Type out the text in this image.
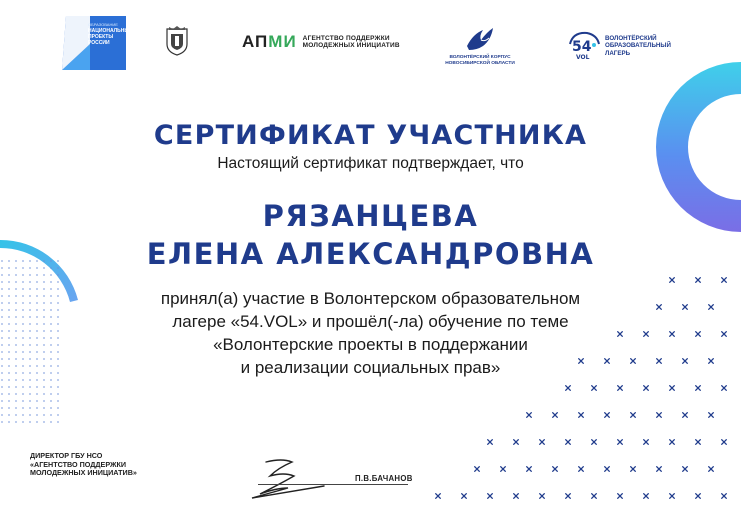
ОБРАЗОВАНИЕ
НАЦИОНАЛЬНЫЕ
ПРОЕКТЫ
РОССИИ	АП МИ АГЕНТСТВО ПОДДЕРЖКИ
МОЛОДЕЖНЫХ ИНИЦИАТИВ
ВОЛОНТЁРСКИЙ КОРПУС
НОВОСИБИРСКОЙ ОБЛАСТИ
54
VOL
ВОЛОНТЁРСКИЙ
ОБРАЗОВАТЕЛЬНЫЙ
ЛАГЕРЬ
СЕРТИФИКАТ УЧАСТНИКА
Настоящий сертификат подтверждает, что
РЯЗАНЦЕВА
ЕЛЕНА АЛЕКСАНДРОВНА
принял(а) участие в Волонтерском образовательном
лагере «54.VOL» и прошёл(-ла) обучение по теме
«Волонтерские проекты в поддержании
и реализации социальных прав»
ДИРЕКТОР ГБУ НСО
«АГЕНТСТВО ПОДДЕРЖКИ
МОЛОДЕЖНЫХ ИНИЦИАТИВ»
П.В.БАЧАНОВ
